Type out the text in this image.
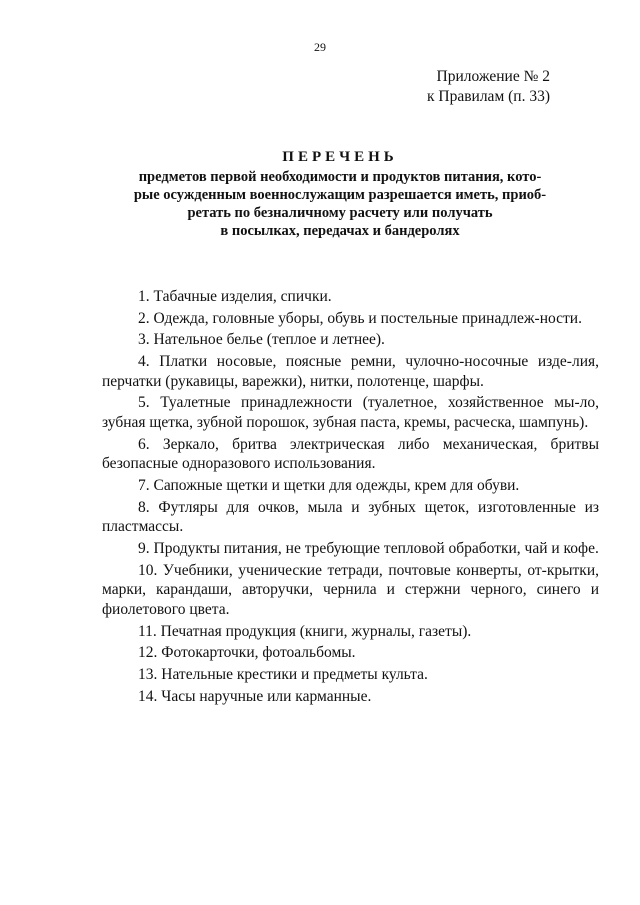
29
Приложение № 2
к Правилам (п. 33)
ПЕРЕЧЕНЬ
предметов первой необходимости и продуктов питания, кото-
рые осужденным военнослужащим разрешается иметь, приоб-
ретать по безналичному расчету или получать
в посылках, передачах и бандеролях

1. Табачные изделия, спички.

2. Одежда, головные уборы, обувь и постельные принадлеж-ности.

3. Нательное белье (теплое и летнее).

4. Платки носовые, поясные ремни, чулочно-носочные изде-лия, перчатки (рукавицы, варежки), нитки, полотенце, шарфы.

5. Туалетные принадлежности (туалетное, хозяйственное мы-ло, зубная щетка, зубной порошок, зубная паста, кремы, расческа, шампунь).

6. Зеркало, бритва электрическая либо механическая, бритвы безопасные одноразового использования.

7. Сапожные щетки и щетки для одежды, крем для обуви.

8. Футляры для очков, мыла и зубных щеток, изготовленные из пластмассы.

9. Продукты питания, не требующие тепловой обработки, чай и кофе.

10. Учебники, ученические тетради, почтовые конверты, от-крытки, марки, карандаши, авторучки, чернила и стержни черного, синего и фиолетового цвета.

11. Печатная продукция (книги, журналы, газеты).

12. Фотокарточки, фотоальбомы.

13. Нательные крестики и предметы культа.

14. Часы наручные или карманные.
